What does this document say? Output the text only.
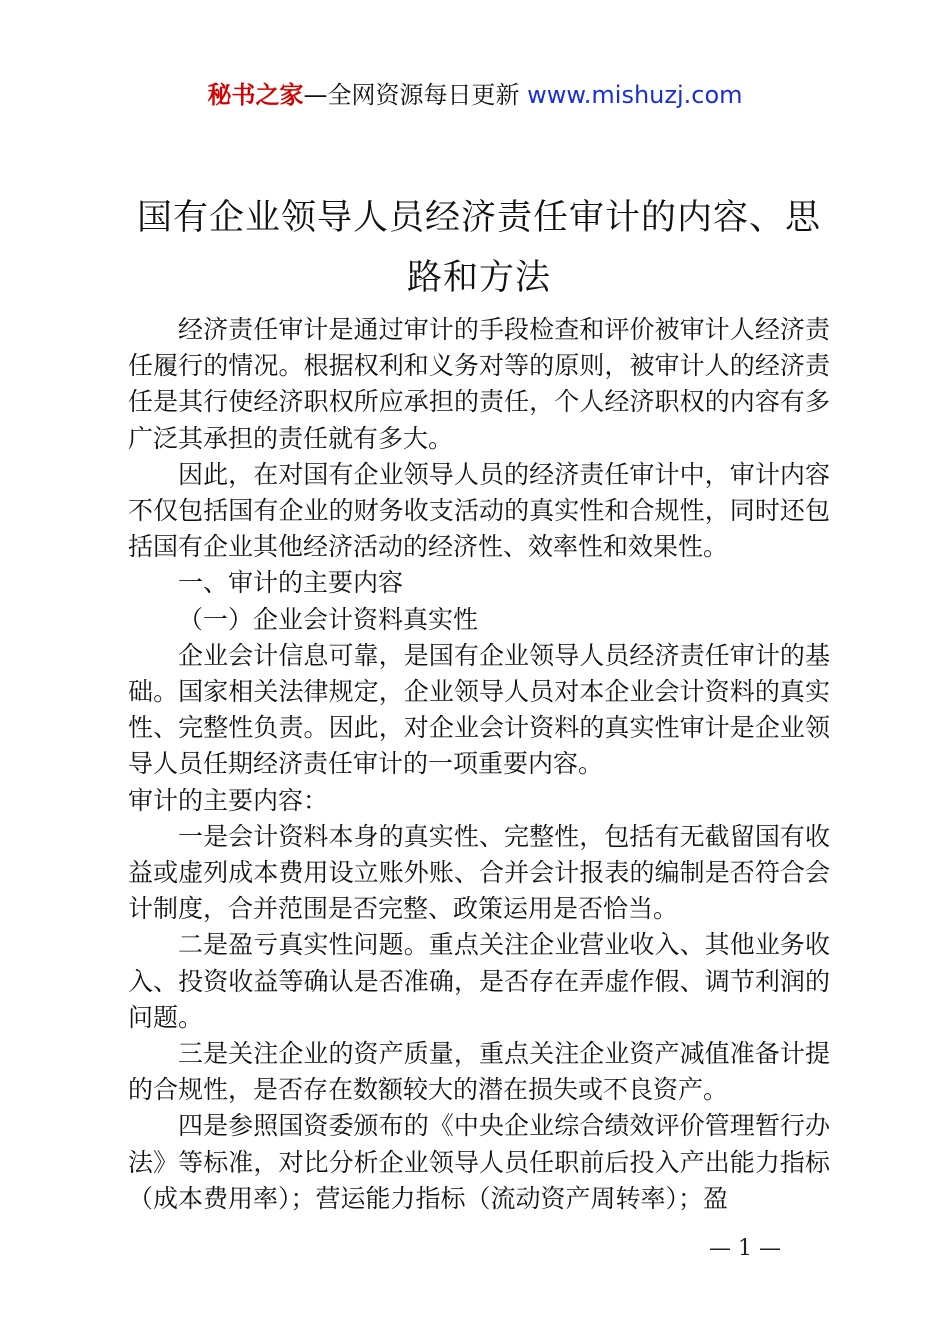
秘书之家—全网资源每日更新 www.mishuzj.com
国有企业领导人员经济责任审计的内容、思路和方法

经济责任审计是通过审计的手段检查和评价被审计人经济责任履行的情况。根据权利和义务对等的原则，被审计人的经济责任是其行使经济职权所应承担的责任，个人经济职权的内容有多广泛其承担的责任就有多大。

因此，在对国有企业领导人员的经济责任审计中，审计内容不仅包括国有企业的财务收支活动的真实性和合规性，同时还包括国有企业其他经济活动的经济性、效率性和效果性。

一、审计的主要内容

（一）企业会计资料真实性

企业会计信息可靠，是国有企业领导人员经济责任审计的基础。国家相关法律规定，企业领导人员对本企业会计资料的真实性、完整性负责。因此，对企业会计资料的真实性审计是企业领导人员任期经济责任审计的一项重要内容。

审计的主要内容：

一是会计资料本身的真实性、完整性，包括有无截留国有收益或虚列成本费用设立账外账、合并会计报表的编制是否符合会计制度，合并范围是否完整、政策运用是否恰当。

二是盈亏真实性问题。重点关注企业营业收入、其他业务收入、投资收益等确认是否准确，是否存在弄虚作假、调节利润的问题。

三是关注企业的资产质量，重点关注企业资产减值准备计提的合规性，是否存在数额较大的潜在损失或不良资产。

四是参照国资委颁布的《中央企业综合绩效评价管理暂行办法》等标准，对比分析企业领导人员任职前后投入产出能力指标（成本费用率）；营运能力指标（流动资产周转率）；盈

— 1 —
